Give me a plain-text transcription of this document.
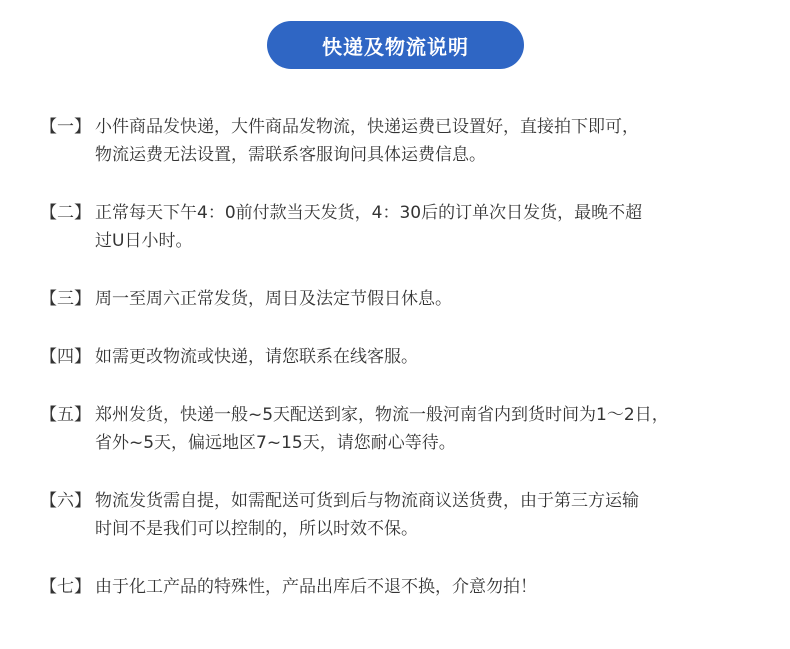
快递及物流说明
【一】 小件商品发快递，大件商品发物流，快递运费已设置好，直接拍下即可，
物流运费无法设置，需联系客服询问具体运费信息。
【二】 正常每天下午4：0前付款当天发货，4：30后的订单次日发货，最晚不超
过U日小时。
【三】 周一至周六正常发货，周日及法定节假日休息。
【四】 如需更改物流或快递，请您联系在线客服。
【五】 郑州发货，快递一般~5天配送到家，物流一般河南省内到货时间为1～2日，
省外~5天，偏远地区7~15天，请您耐心等待。
【六】 物流发货需自提，如需配送可货到后与物流商议送货费，由于第三方运输
时间不是我们可以控制的，所以时效不保。
【七】 由于化工产品的特殊性，产品出库后不退不换，介意勿拍！
